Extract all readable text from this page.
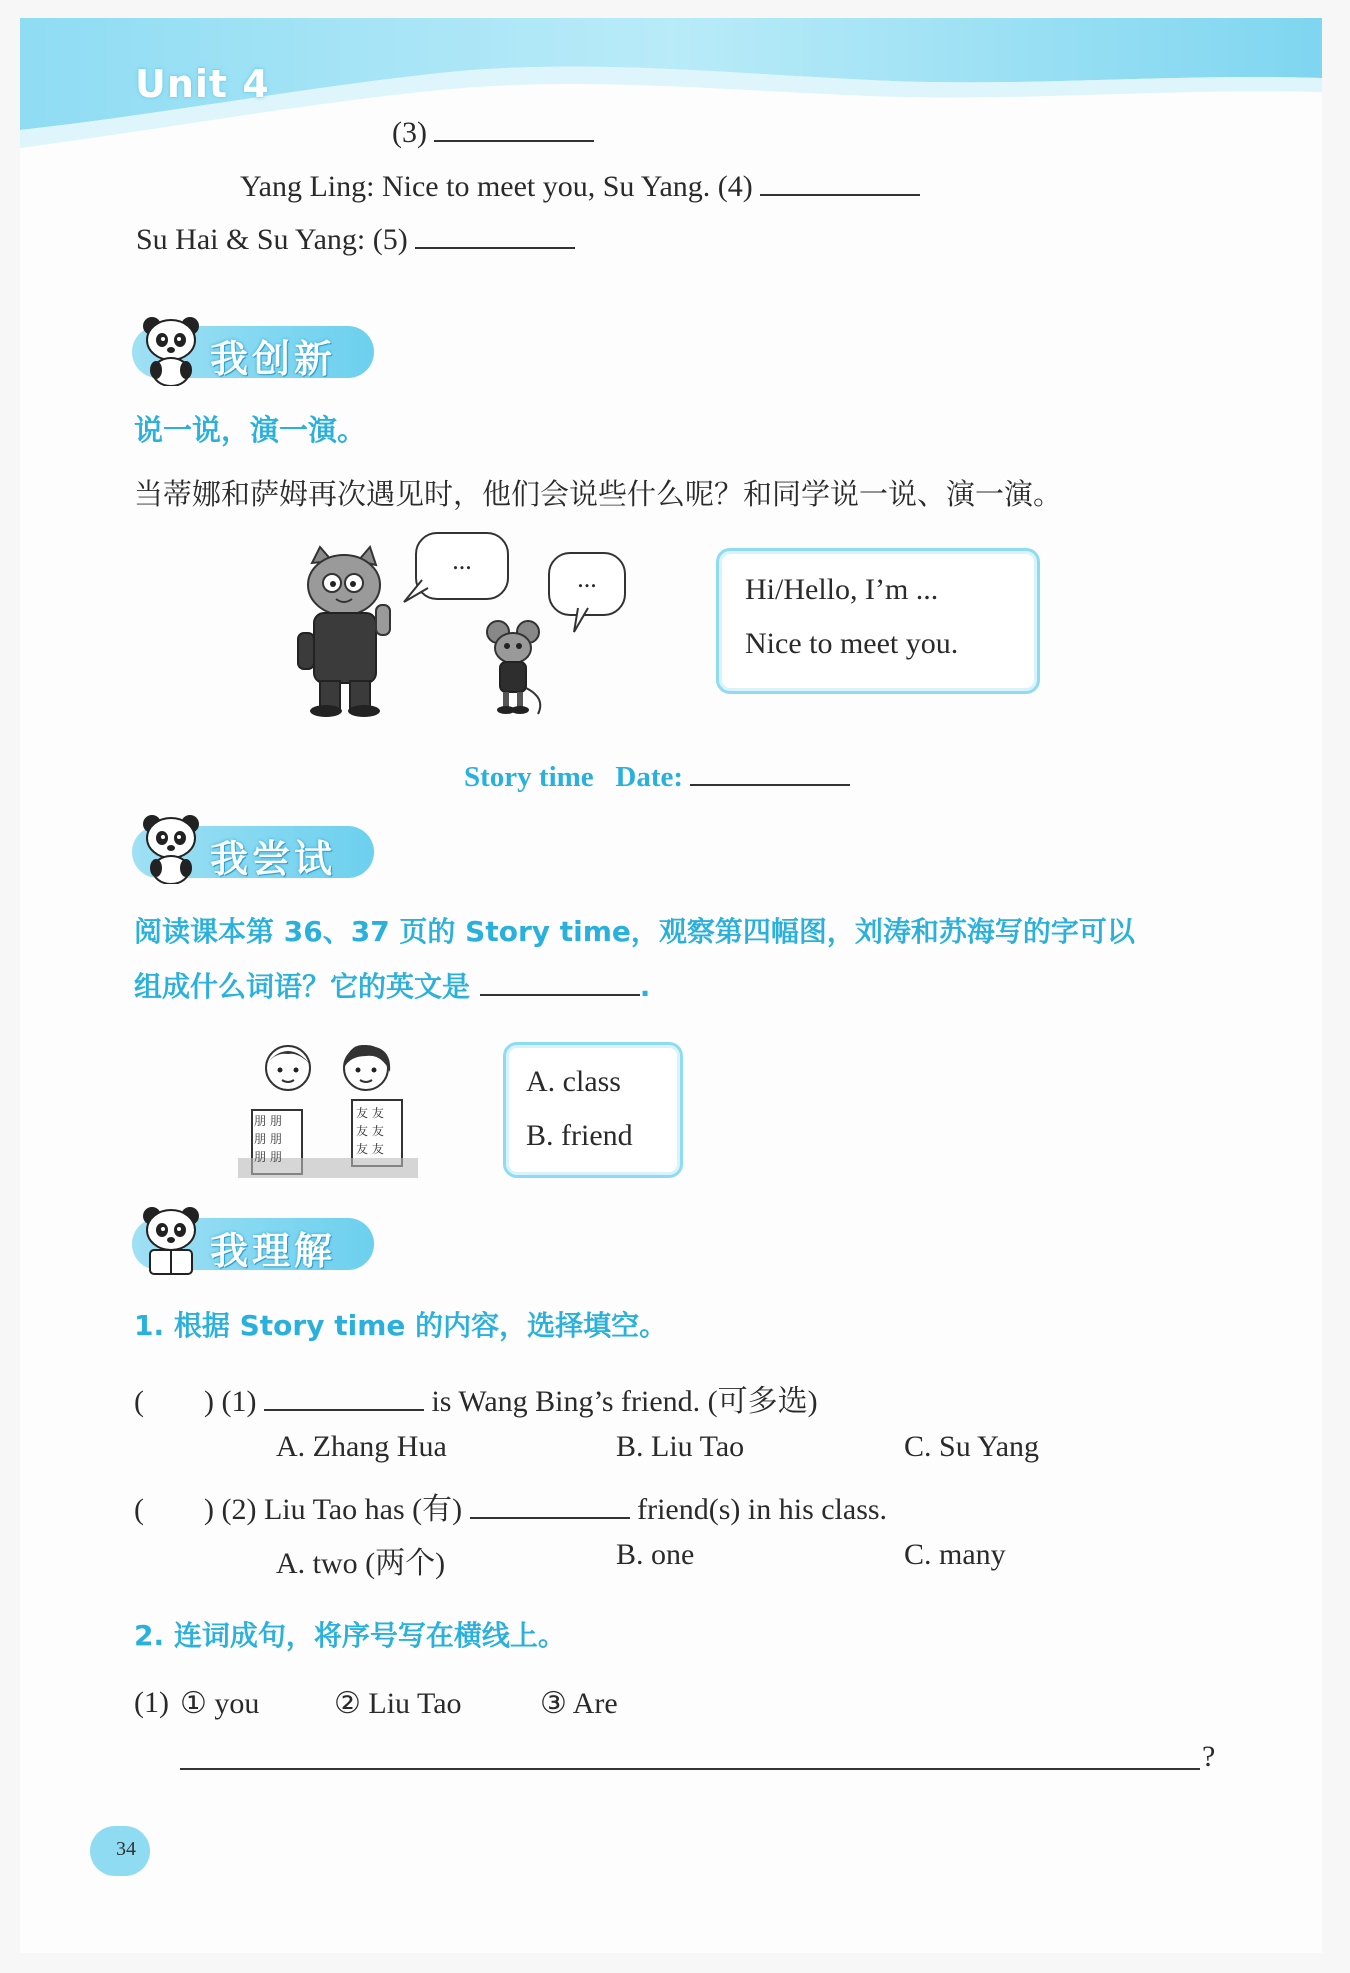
Unit 4
(3)
Yang Ling: Nice to meet you, Su Yang. (4)
Su Hai & Su Yang: (5)
我创新
说一说，演一演。
当蒂娜和萨姆再次遇见时，他们会说些什么呢？和同学说一说、演一演。
...
...	Hi/Hello, I’m ...
Nice to meet you.
Story time   Date:
我尝试
阅读课本第 36、37 页的 Story time，观察第四幅图，刘涛和苏海写的字可以
组成什么词语？它的英文是	.
朋 朋
朋 朋
朋 朋
友 友
友 友
友 友
A. class
B. friend
我理解
1. 根据 Story time 的内容，选择填空。
(        ) (1)	is Wang Bing’s friend. (可多选)
A. Zhang Hua	B. Liu Tao	C. Su Yang
(        ) (2) Liu Tao has (有)	friend(s) in his class.
A. two (两个)	B. one	C. many
2. 连词成句，将序号写在横线上。
(1) ① you ② Liu Tao	③ Are
?
34
